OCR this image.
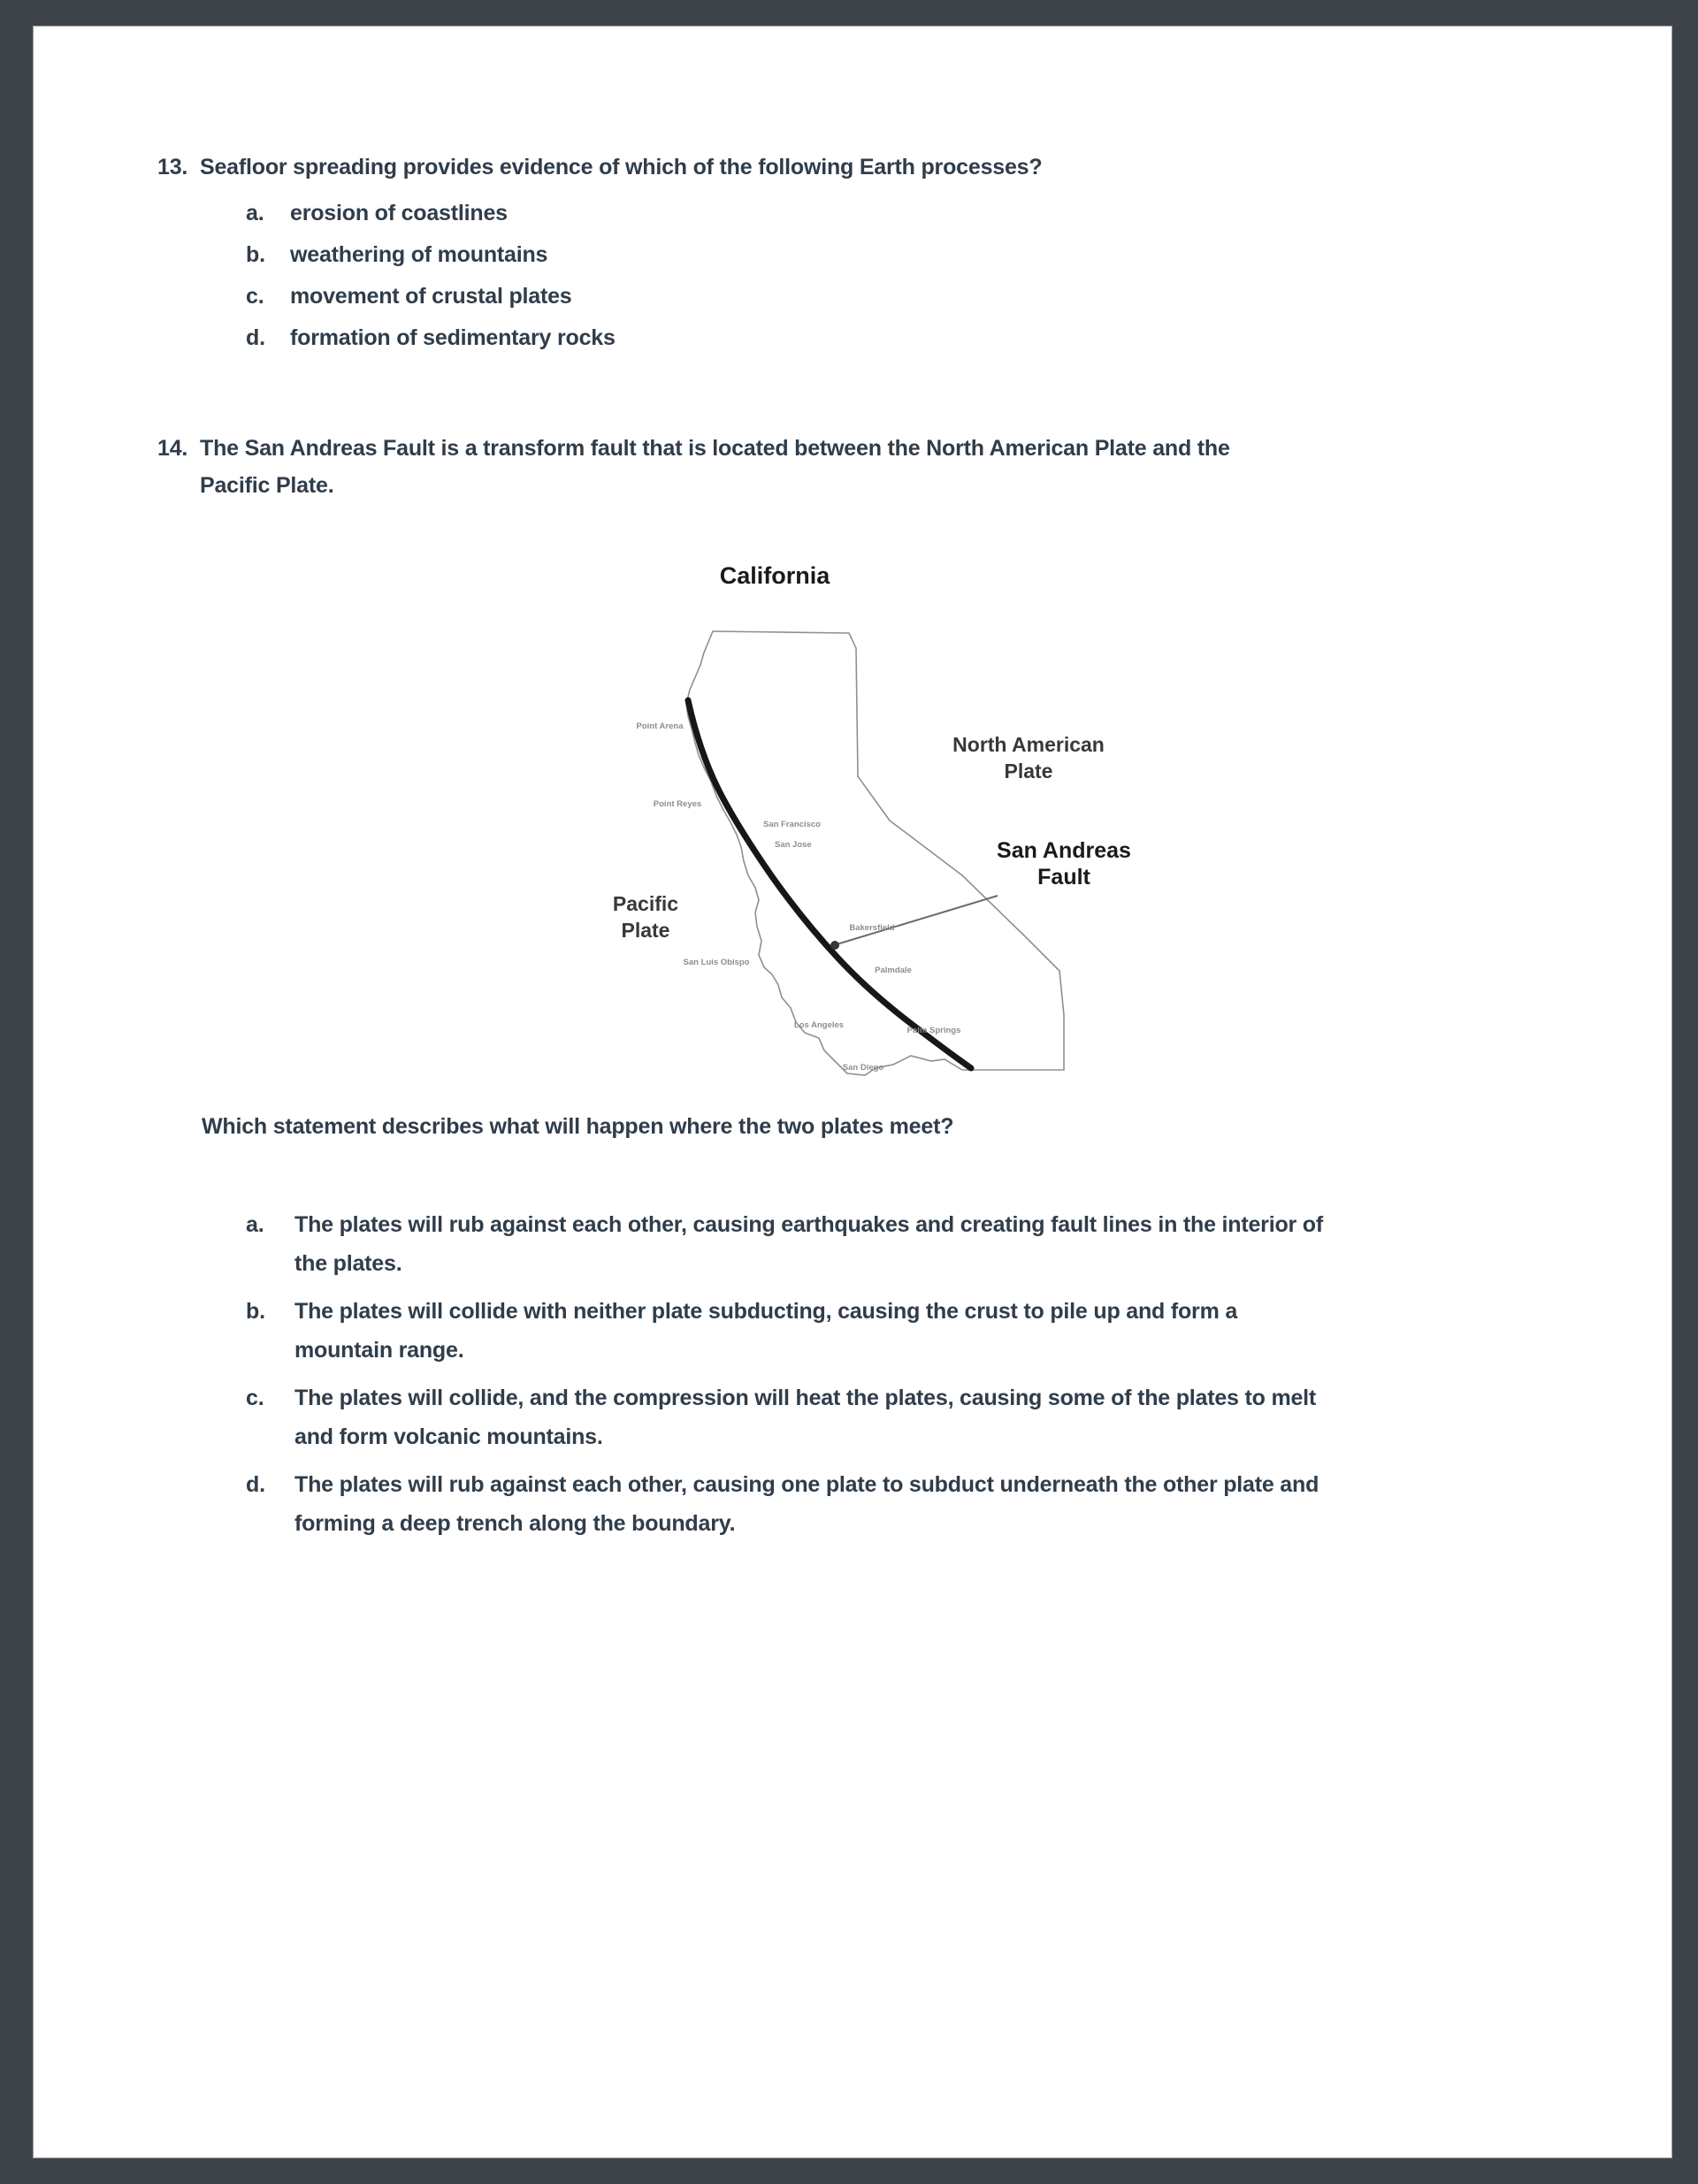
13. Seafloor spreading provides evidence of which of the following Earth processes?
a.	erosion of coastlines
b.	weathering of mountains
c.	movement of crustal plates
d.	formation of sedimentary rocks
14. The San Andreas Fault is a transform fault that is located between the North American Plate and the
Pacific Plate.
California
North American
Plate
Pacific
Plate
San Andreas
Fault
Point Arena
Point Reyes
San Francisco
San Jose
San Luis Obispo
Bakersfield
Palmdale
Los Angeles
Palm Springs
San Diego
Which statement describes what will happen where the two plates meet?
a.	The plates will rub against each other, causing earthquakes and creating fault lines in the interior of
the plates.
b.	The plates will collide with neither plate subducting, causing the crust to pile up and form a
mountain range.
c.	The plates will collide, and the compression will heat the plates, causing some of the plates to melt
and form volcanic mountains.
d.	The plates will rub against each other, causing one plate to subduct underneath the other plate and
forming a deep trench along the boundary.
